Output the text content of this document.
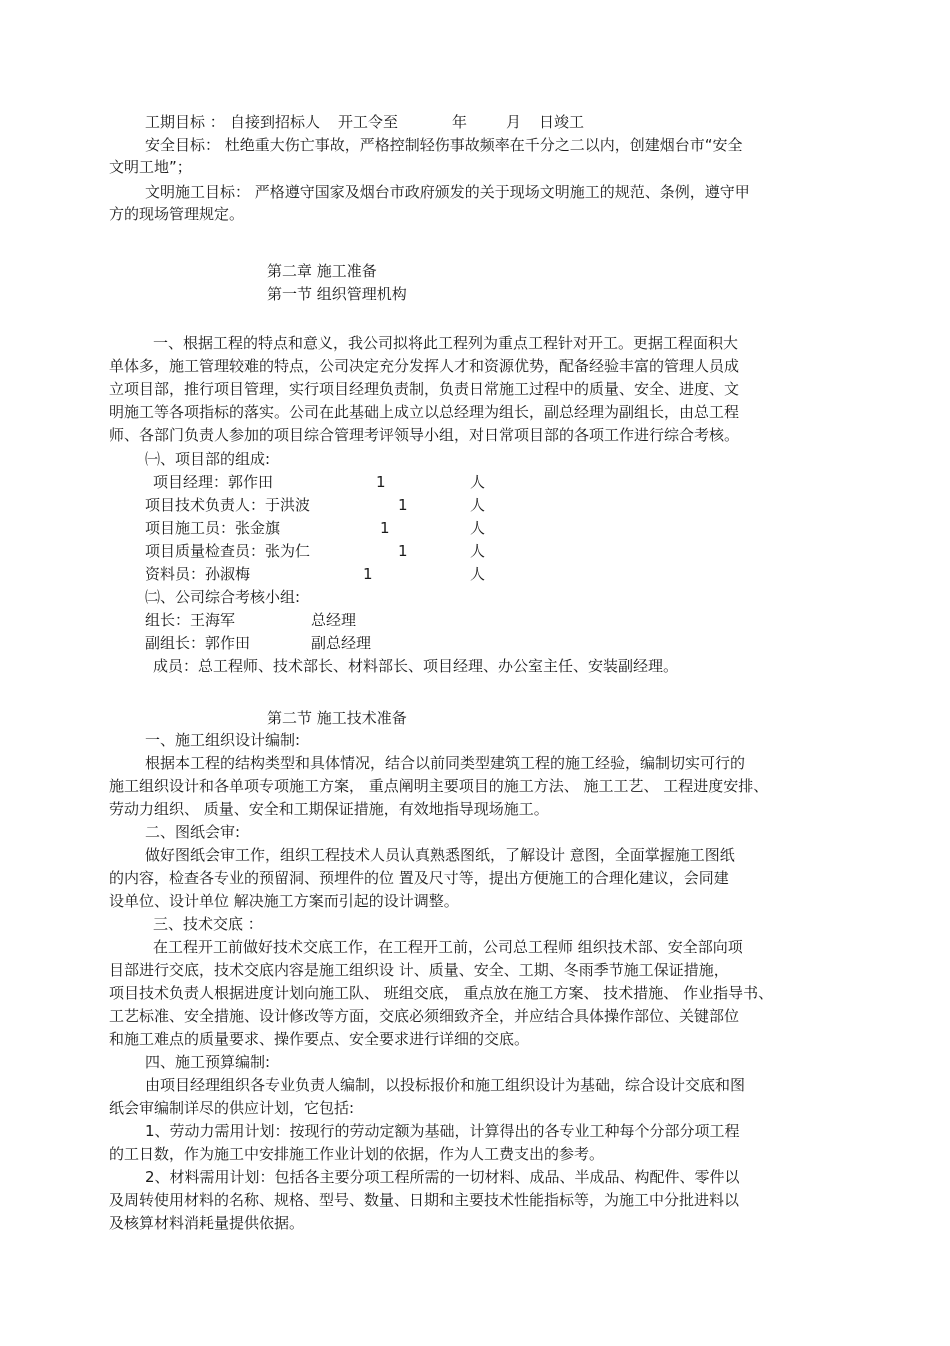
工期目标 ： 自接到招标人 开工令至	年	月 日竣工
安全目标： 杜绝重大伤亡事故，严格控制轻伤事故频率在千分之二以内，创建烟台市“安全
文明工地”；
文明施工目标： 严格遵守国家及烟台市政府颁发的关于现场文明施工的规范、条例，遵守甲
方的现场管理规定。
第二章 施工准备
第一节 组织管理机构
一、根据工程的特点和意义，我公司拟将此工程列为重点工程针对开工。更据工程面积大
单体多，施工管理较难的特点，公司决定充分发挥人才和资源优势，配备经验丰富的管理人员成
立项目部，推行项目管理，实行项目经理负责制，负责日常施工过程中的质量、安全、进度、文
明施工等各项指标的落实。公司在此基础上成立以总经理为组长，副总经理为副组长，由总工程
师、各部门负责人参加的项目综合管理考评领导小组，对日常项目部的各项工作进行综合考核。
㈠、项目部的组成:
项目经理：郭作田	1	人
项目技术负责人：于洪波	1	人
项目施工员：张金旗	1	人
项目质量检查员：张为仁	1	人
资料员：孙淑梅	1	人
㈡、公司综合考核小组:
组长：王海军	总经理
副组长：郭作田	副总经理
成员：总工程师、技术部长、材料部长、项目经理、办公室主任、安装副经理。
第二节 施工技术准备
一、施工组织设计编制:
根据本工程的结构类型和具体情况，结合以前同类型建筑工程的施工经验，编制切实可行的
施工组织设计和各单项专项施工方案， 重点阐明主要项目的施工方法、 施工工艺、 工程进度安排、
劳动力组织、 质量、安全和工期保证措施，有效地指导现场施工。
二、图纸会审:
做好图纸会审工作，组织工程技术人员认真熟悉图纸，了解设计 意图，全面掌握施工图纸
的内容，检查各专业的预留洞、预埋件的位 置及尺寸等，提出方便施工的合理化建议，会同建
设单位、设计单位 解决施工方案而引起的设计调整。
三、技术交底 ：
在工程开工前做好技术交底工作，在工程开工前，公司总工程师 组织技术部、安全部向项
目部进行交底，技术交底内容是施工组织设 计、质量、安全、工期、冬雨季节施工保证措施，
项目技术负责人根据进度计划向施工队、 班组交底， 重点放在施工方案、 技术措施、 作业指导书、
工艺标准、安全措施、设计修改等方面，交底必须细致齐全，并应结合具体操作部位、关键部位
和施工难点的质量要求、操作要点、安全要求进行详细的交底。
四、施工预算编制:
由项目经理组织各专业负责人编制，以投标报价和施工组织设计为基础，综合设计交底和图
纸会审编制详尽的供应计划，它包括:
1、劳动力需用计划：按现行的劳动定额为基础，计算得出的各专业工种每个分部分项工程
的工日数，作为施工中安排施工作业计划的依据，作为人工费支出的参考。
2、材料需用计划：包括各主要分项工程所需的一切材料、成品、半成品、构配件、零件以
及周转使用材料的名称、规格、型号、数量、日期和主要技术性能指标等，为施工中分批进料以
及核算材料消耗量提供依据。
